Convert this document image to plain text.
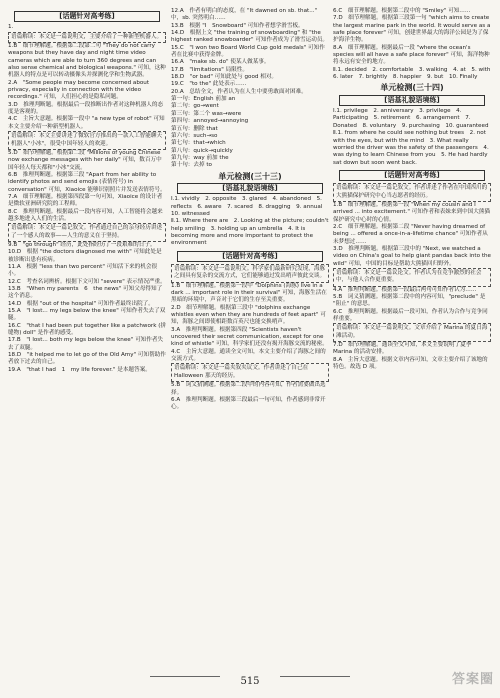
[话题针对高考练]
1.
语篇解读：本文是一篇说明文，主要介绍了一种新型机器人。
1.B　细节理解题。根据第二段第二句 "They do not carry weapons but they have day and night time video cameras which are able to turn 360 degrees and can also sense chemical and biological weapons." 可知，这种机器人的特点是可以转动摄像头并探测化学和生物武器。
2.A　"Some people may become concerned about privacy, especially in connection with the video recordings." 可知，人们担心的是隐私问题。
3.D　推理判断题。根据最后一段推断出作者对这种机器人的态度是客观的。
4.C　主旨大意题。根据第一段中 "a new type of robot" 可知本文主要介绍一种新型机器人。
语篇解读：本文主要讲述了微软官方推出的一款人工智能聊天机器人"小冰"，很受中国年轻人的欢迎。
5.D　细节理解题。根据第二段 "Millions of young Chinese now exchange messages with her daily" 可知，数百万中国年轻人每天都和"小冰"交流。
6.B　推理判断题。根据第三段 "Apart from her ability to identify photos and send emojis (表情符号) in conversation" 可知，Xiaoice 能够识别照片并发送表情符号。
7.A　细节理解题。根据第四段第一句可知，Xiaoice 的设计者是微软亚洲研究院的工程师。
8.C　推理判断题。根据最后一段内容可知，人工智能将会越来越多地进入人们的生活。
语篇解读：本文是一篇记叙文。作者通过自己的亲身经历讲述了一个感人的故事——人生的意义在于坚持。
9.B　"go through" 经历，此处指经历了一段艰难的日子。
10.D　根据 "the doctors diagnosed me with" 可知此处是被诊断出患有疾病。
11.A　根据 "less than two percent" 可知活下来的机会很小。
12.C　考查名词辨析。根据下文可知 "severe" 表示情况严重。
13.B　"When my parents　6　the news" 可知父母得知了这个消息。
14.D　根据 "out of the hospital" 可知作者最终出院了。
15.A　"I lost... my legs below the knee" 可知作者失去了双腿。
16.C　"that I had been put together like a patchwork (拼缝物) doll" 是作者的感受。
17.B　"I lost... both my legs below the knee" 可知作者失去了双腿。
18.D　"it helped me to let go of the Old Amy" 可知帮助作者放下过去的自己。
19.A　"that I had　1　my life forever." 是本题答案。
12.A　作者有明白的态度，在 "It dawned on sb. that..." 中，sb. 突然明白……
13.B　根据 "I　Snowboard" 可知作者想学滑雪板。
14.D　根据上文 "the training of snowboarding" 和 "the highest ranked snowboarder" 可知作者成为了滑雪运动员。
15.C　"I won two Board World Cup gold medals" 可知作者在比赛中获得金牌。
16.A　"make sb. do" 使某人做某事。
17.B　"limitations" 局限性。
18.D　"or bad" 可知此处与 good 相对。
19.C　"to the" 此处表示……
20.A　总结全文，作者认为在人生中要勇敢面对困难。
第一句：English 前加 an
第二句：go→went
第三句：第二个 was→were
第四句：annoyed→annoying
第五句：删除 that
第六句：such→so
第七句：that→which
第八句：quick→quickly
第九句：way 前加 the
第十句：去掉 to
单元检测(三十三)
[语基礼貌语境练]
Ⅰ.1. vividly　2. opposite　3. glared　4. abandoned　5. reflects　6. aware　7. scared　8. dragging　9. annual　10. witnessed
Ⅱ.1. Where there are　2. Looking at the picture; couldn't help smiling　3. holding up an umbrella　4. It is becoming more and more important to protect the environment
[话题针对高考练]
语篇解读：本文是一篇说明文。科学家们最新研究发现，海豚之间具有复杂的交流方式，它们能够通过发出哨声彼此交谈。
1.B　细节理解题。根据第一段中 "Dolphins (海豚) live in a dark ... important role in their survival" 可知，海豚生活在黑暗的环境中，声音对于它们的生存至关重要。
2.D　细节理解题。根据第三段中 "dolphins exchange whistles even when they are hundreds of feet apart" 可知，海豚之间即使相距数百英尺也能交换哨声。
3.A　推理判断题。根据第四段 "Scientists haven't uncovered their secret communication, except for one kind of whistle" 可知，科学家们还没有揭开海豚交流的秘密。
4.C　主旨大意题。通读全文可知，本文主要介绍了海豚之间的交流方式。
语篇解读：本文是一篇夹叙夹议文。作者讲述了自己在 Halloween 那天的经历。
5.B　词义猜测题。根据第二段中的内容可知，作者需要做出选择。
6.A　推理判断题。根据第三段最后一句可知，作者感到非常开心。
6.C　细节理解题。根据第二段中的 "Smiley" 可知……
7.D　细节理解题。根据第三段第一句 "which aims to create the largest marine park in the world. It would serve as a safe place forever" 可知，创建世界最大的海洋公园是为了保护海洋生物。
8.A　细节理解题。根据最后一段 "where the ocean's species will all have a safe place forever" 可知，海洋物种将永远有安全的地方。
Ⅱ.1. decided　2. comfortable　3. walking　4. at　5. with　6. later　7. brightly　8. happier　9. but　10. Finally
单元检测(三十四)
[语基礼貌语境练]
Ⅰ.1. privilege　2. anniversary　3. privilege　4. Participating　5. retirement　6. arrangement　7. Donated　8. voluntary　9. purchasing　10. guaranteed
Ⅱ.1. from where he could see nothing but trees　2. not with the eyes, but with the mind　3. What really worried the driver was the safety of the passengers　4. was dying to learn Chinese from you　5. He had hardly sat down but soon went back.
[话题针对高考练]
语篇解读：本文是一篇记叙文。作者讲述了作者在中国四川的大熊猫保护研究中心当志愿者的经历。
1.B　细节理解题。根据第一段 "When my cousin and I arrived ... into excitement." 可知作者和表妹来到中国大熊猫保护研究中心时的心情。
2.C　细节理解题。根据第二段 "Never having dreamed of being ... offered a once-in-a-lifetime chance" 可知作者从未梦想过……
3.D　推理判断题。根据第三段中的 "Next, we watched a video on China's goal to help giant pandas back into the wild" 可知，中国的目标是帮助大熊猫回归野外。
语篇解读：本文是一篇议论文。作者认为在竞争激烈的社会中，与他人合作更重要。
4.A　推理判断题。根据第一段最后两句可知作者认为……
5.B　词义猜测题。根据第二段中的内容可知，"preclude" 是 "阻止" 的意思。
6.C　推理判断题。根据最后一段可知，作者认为合作与竞争同样重要。
语篇解读：本文是一篇说明文。文章介绍了 Marina 的夏日海滩活动。
7.D　细节理解题。通读全文可知，本文主要说明了夏季 Marina 的活动安排。
8.A　主旨大意题。根据文章内容可知，文章主要介绍了该地的特色。故选 D 项。
515	答案圈
